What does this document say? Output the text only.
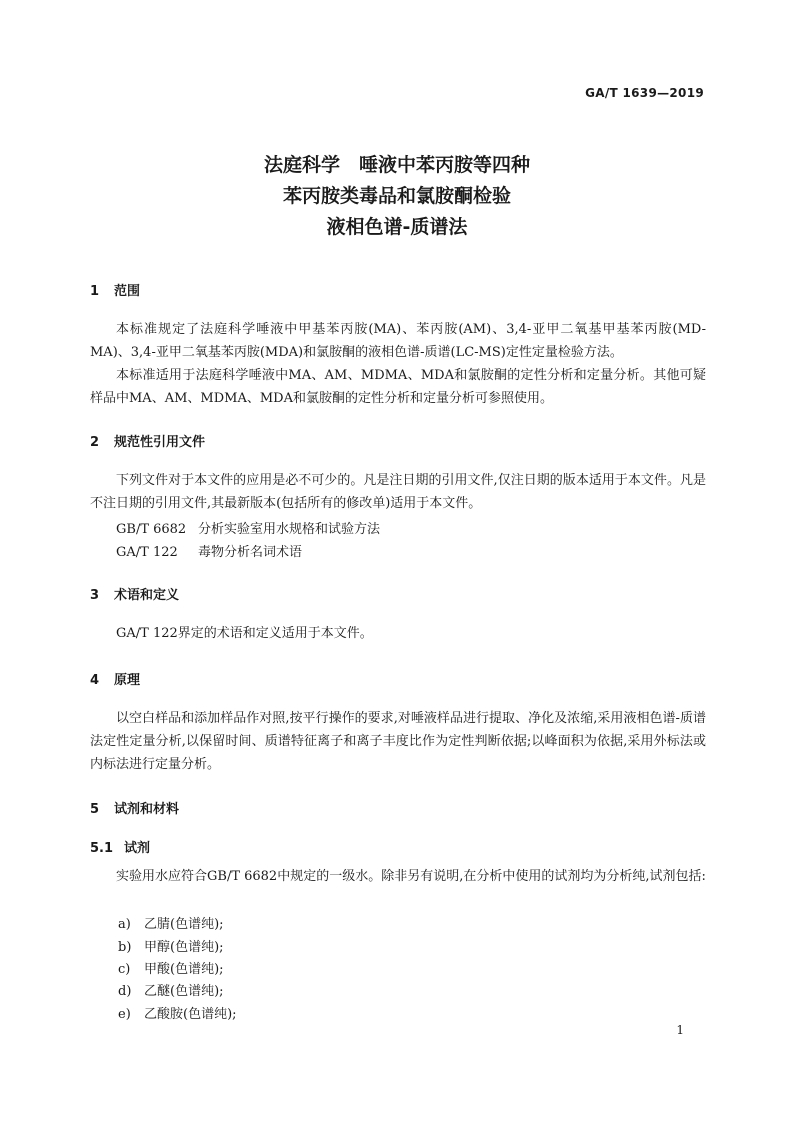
GA/T 1639—2019
法庭科学　唾液中苯丙胺等四种
苯丙胺类毒品和氯胺酮检验
液相色谱-质谱法
1 范围
本标准规定了法庭科学唾液中甲基苯丙胺(MA)、苯丙胺(AM)、3,4-亚甲二氧基甲基苯丙胺(MD-MA)、3,4-亚甲二氧基苯丙胺(MDA)和氯胺酮的液相色谱-质谱(LC-MS)定性定量检验方法。
本标准适用于法庭科学唾液中MA、AM、MDMA、MDA和氯胺酮的定性分析和定量分析。其他可疑样品中MA、AM、MDMA、MDA和氯胺酮的定性分析和定量分析可参照使用。
2 规范性引用文件
下列文件对于本文件的应用是必不可少的。凡是注日期的引用文件,仅注日期的版本适用于本文件。凡是不注日期的引用文件,其最新版本(包括所有的修改单)适用于本文件。
GB/T 6682 分析实验室用水规格和试验方法
GA/T 122 毒物分析名词术语
3 术语和定义
GA/T 122界定的术语和定义适用于本文件。
4 原理
以空白样品和添加样品作对照,按平行操作的要求,对唾液样品进行提取、净化及浓缩,采用液相色谱-质谱法定性定量分析,以保留时间、质谱特征离子和离子丰度比作为定性判断依据;以峰面积为依据,采用外标法或内标法进行定量分析。
5 试剂和材料
5.1 试剂
实验用水应符合GB/T 6682中规定的一级水。除非另有说明,在分析中使用的试剂均为分析纯,试剂包括:
a) 乙腈(色谱纯);
b) 甲醇(色谱纯);
c) 甲酸(色谱纯);
d) 乙醚(色谱纯);
e) 乙酸胺(色谱纯);
1
